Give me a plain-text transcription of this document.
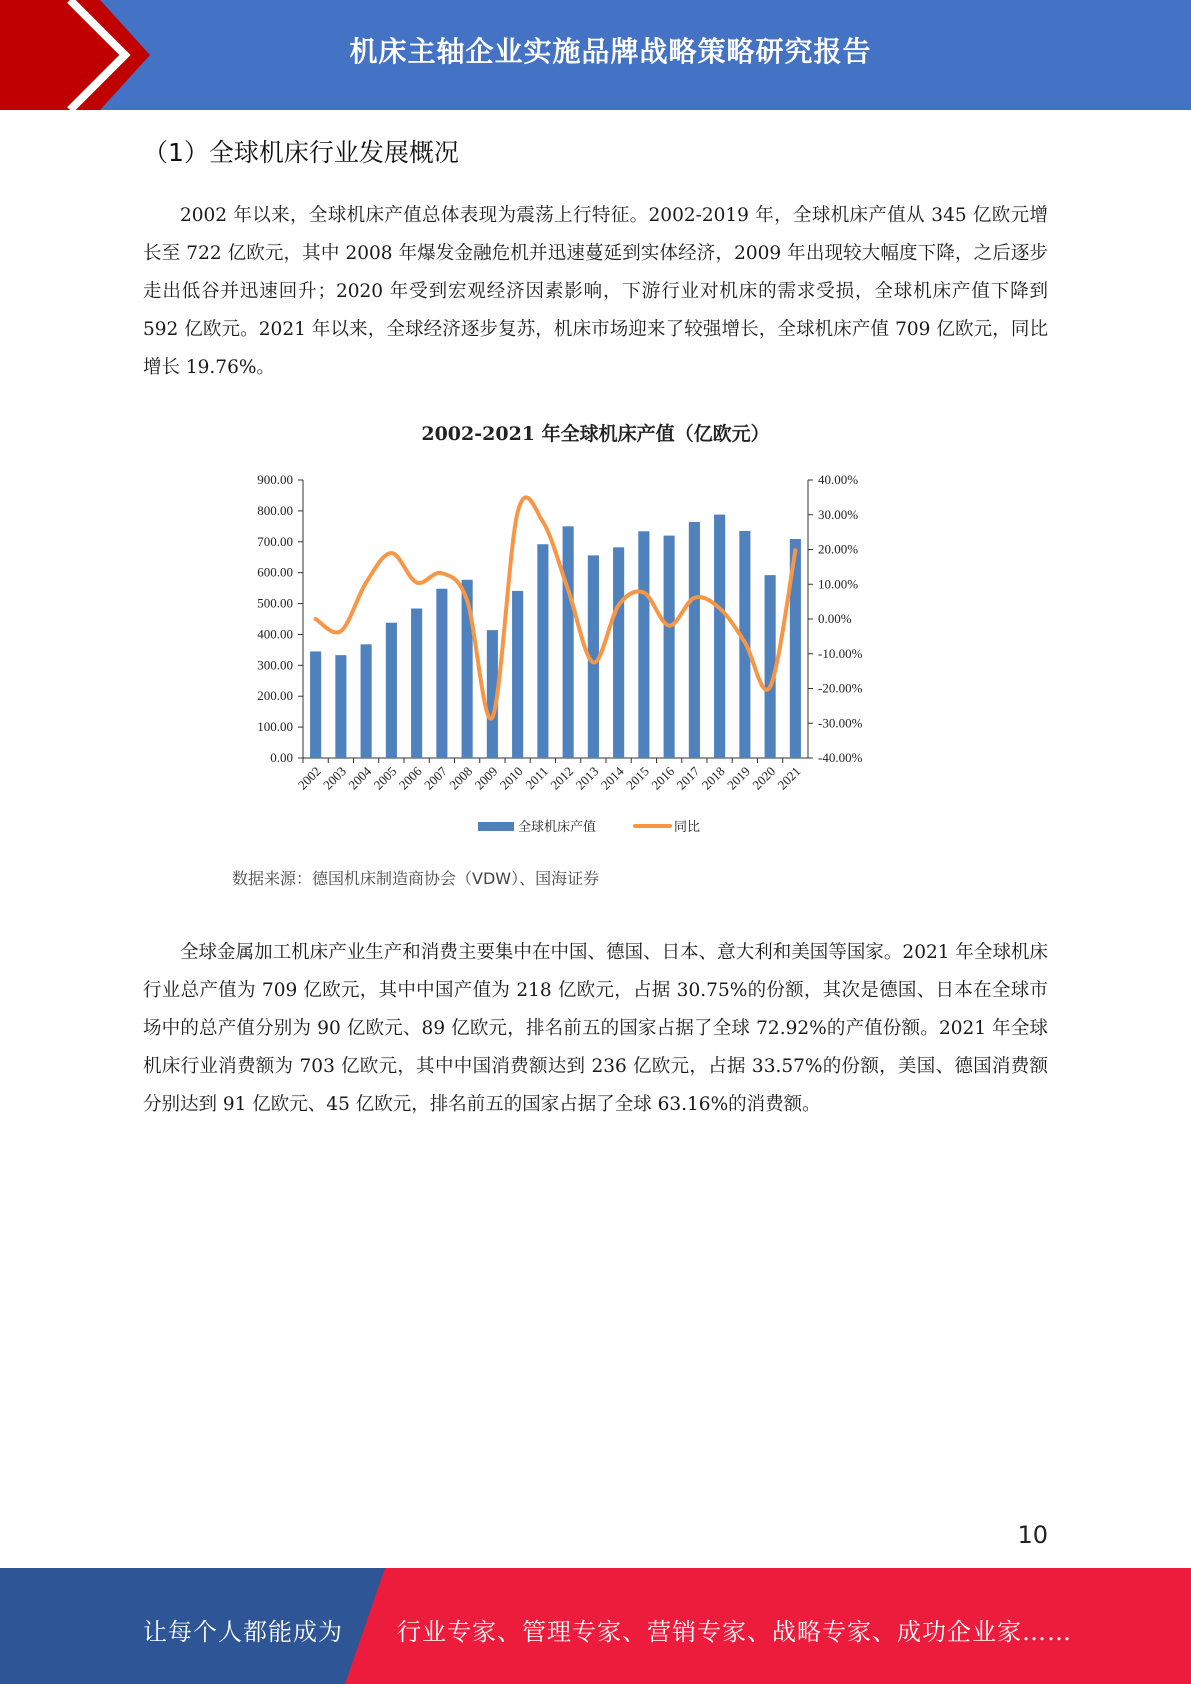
机床主轴企业实施品牌战略策略研究报告
（1）全球机床行业发展概况

2002 年以来，全球机床产值总体表现为震荡上行特征。2002-2019 年，全球机床产值从 345 亿欧元增长至 722 亿欧元，其中 2008 年爆发金融危机并迅速蔓延到实体经济，2009 年出现较大幅度下降，之后逐步走出低谷并迅速回升；2020 年受到宏观经济因素影响，下游行业对机床的需求受损，全球机床产值下降到 592 亿欧元。2021 年以来，全球经济逐步复苏，机床市场迎来了较强增长，全球机床产值 709 亿欧元，同比增长 19.76%。

2002-2021 年全球机床产值（亿欧元）
0.00
100.00
200.00
300.00
400.00
500.00
600.00
700.00
800.00
900.00
-40.00%
-30.00%
-20.00%
-10.00%
0.00%
10.00%
20.00%
30.00%
40.00%
2002
2003
2004
2005
2006
2007
2008
2009
2010
2011
2012
2013
2014
2015
2016
2017
2018
2019
2020
2021
全球机床产值	同比
数据来源：德国机床制造商协会（VDW）、国海证券

全球金属加工机床产业生产和消费主要集中在中国、德国、日本、意大利和美国等国家。2021 年全球机床行业总产值为 709 亿欧元，其中中国产值为 218 亿欧元，占据 30.75%的份额，其次是德国、日本在全球市场中的总产值分别为 90 亿欧元、89 亿欧元，排名前五的国家占据了全球 72.92%的产值份额。2021 年全球机床行业消费额为 703 亿欧元，其中中国消费额达到 236 亿欧元，占据 33.57%的份额，美国、德国消费额分别达到 91 亿欧元、45 亿欧元，排名前五的国家占据了全球 63.16%的消费额。

10
让每个人都能成为 行业专家、管理专家、营销专家、战略专家、成功企业家……
